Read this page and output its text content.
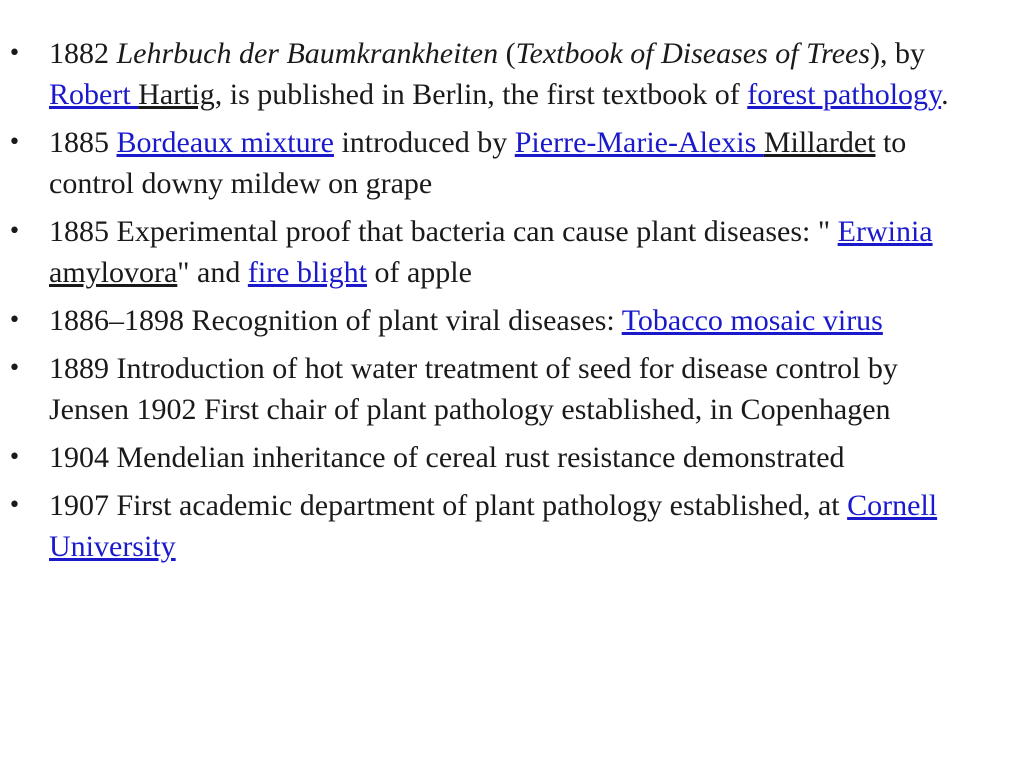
• 1882 Lehrbuch der Baumkrankheiten (Textbook of Diseases of Trees), by Robert Hartig, is published in Berlin, the first textbook of forest pathology.
• 1885 Bordeaux mixture introduced by Pierre-Marie-Alexis Millardet to control downy mildew on grape
• 1885 Experimental proof that bacteria can cause plant diseases: " Erwinia amylovora" and fire blight of apple
• 1886–1898 Recognition of plant viral diseases: Tobacco mosaic virus
• 1889 Introduction of hot water treatment of seed for disease control by Jensen 1902 First chair of plant pathology established, in Copenhagen
• 1904 Mendelian inheritance of cereal rust resistance demonstrated
• 1907 First academic department of plant pathology established, at Cornell University
